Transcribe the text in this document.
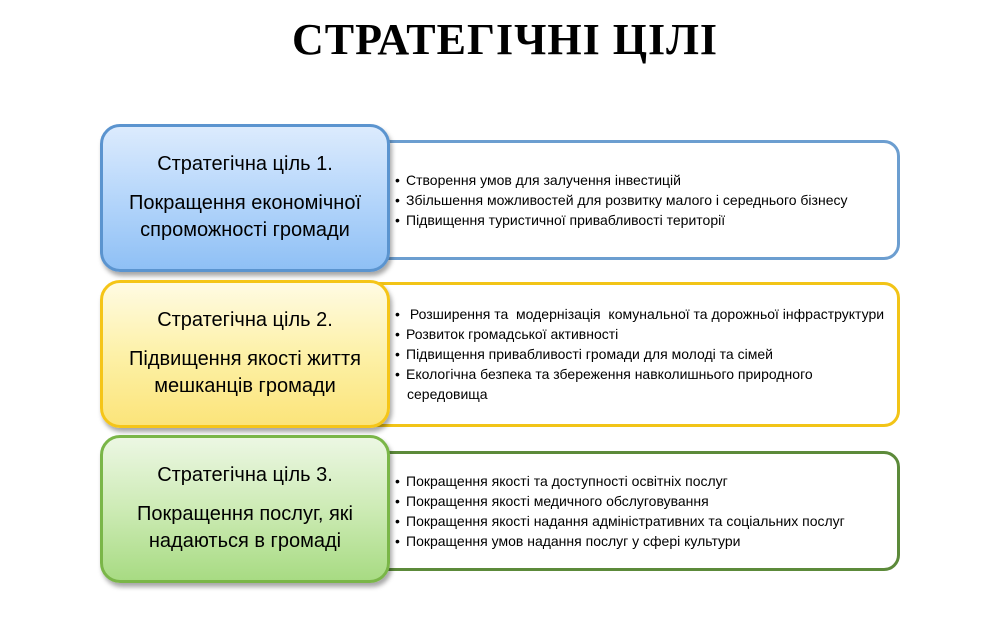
СТРАТЕГІЧНІ ЦІЛІ
• Створення умов для залучення інвестицій
• Збільшення можливостей для розвитку малого і середнього бізнесу
• Підвищення туристичної привабливості території
Стратегічна ціль 1.
Покращення економічної спроможності громади
• Розширення та  модернізація  комунальної та дорожньої інфраструктури
• Розвиток громадської активності
• Підвищення привабливості громади для молоді та сімей
• Екологічна безпека та збереження навколишнього природного середовища
Стратегічна ціль 2.
Підвищення якості життя мешканців громади
• Покращення якості та доступності освітніх послуг
• Покращення якості медичного обслуговування
• Покращення якості надання адміністративних та соціальних послуг
• Покращення умов надання послуг у сфері культури
Стратегічна ціль 3.
Покращення послуг, які надаються в громаді
